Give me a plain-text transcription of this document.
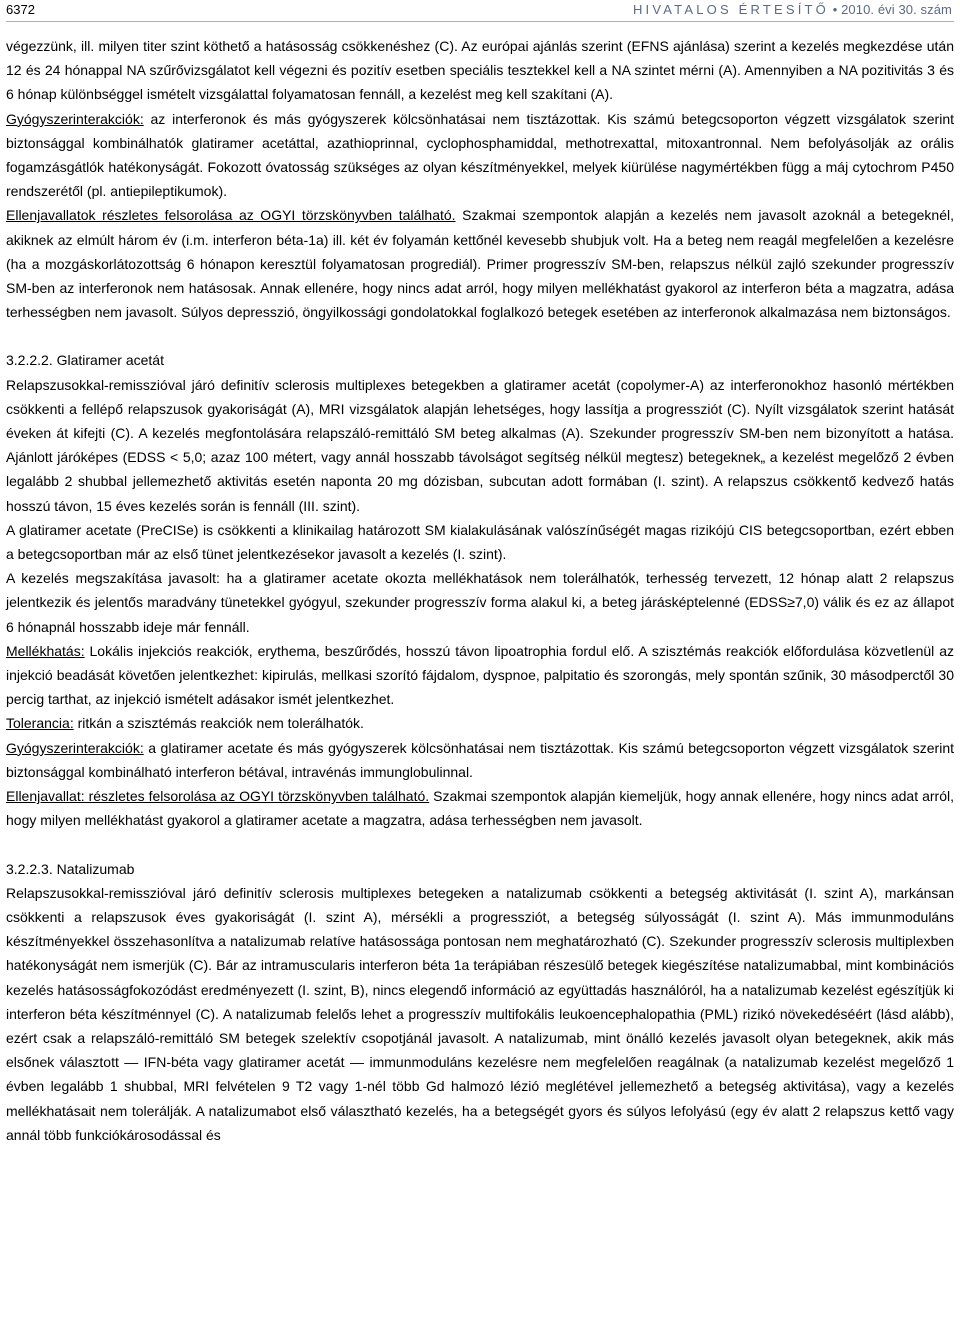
6372	HIVATALOS ÉRTESÍTŐ • 2010. évi 30. szám

végezzünk, ill. milyen titer szint köthető a hatásosság csökkenéshez (C). Az európai ajánlás szerint (EFNS ajánlása) szerint a kezelés megkezdése után 12 és 24 hónappal NA szűrővizsgálatot kell végezni és pozitív esetben speciális tesztekkel kell a NA szintet mérni (A). Amennyiben a NA pozitivitás 3 és 6 hónap különbséggel ismételt vizsgálattal folyamatosan fennáll, a kezelést meg kell szakítani (A).

Gyógyszerinterakciók: az interferonok és más gyógyszerek kölcsönhatásai nem tisztázottak. Kis számú betegcsoporton végzett vizsgálatok szerint biztonsággal kombinálhatók glatiramer acetáttal, azathioprinnal, cyclophosphamiddal, methotrexattal, mitoxantronnal. Nem befolyásolják az orális fogamzásgátlók hatékonyságát. Fokozott óvatosság szükséges az olyan készítményekkel, melyek kiürülése nagymértékben függ a máj cytochrom P450 rendszerétől (pl. antiepileptikumok).

Ellenjavallatok részletes felsorolása az OGYI törzskönyvben található. Szakmai szempontok alapján a kezelés nem javasolt azoknál a betegeknél, akiknek az elmúlt három év (i.m. interferon béta-1a) ill. két év folyamán kettőnél kevesebb shubjuk volt. Ha a beteg nem reagál megfelelően a kezelésre (ha a mozgáskorlátozottság 6 hónapon keresztül folyamatosan progrediál). Primer progresszív SM-ben, relapszus nélkül zajló szekunder progresszív SM-ben az interferonok nem hatásosak. Annak ellenére, hogy nincs adat arról, hogy milyen mellékhatást gyakorol az interferon béta a magzatra, adása terhességben nem javasolt. Súlyos depresszió, öngyilkossági gondolatokkal foglalkozó betegek esetében az interferonok alkalmazása nem biztonságos.

3.2.2.2. Glatiramer acetát

Relapszusokkal-remisszióval járó definitív sclerosis multiplexes betegekben a glatiramer acetát (copolymer-A) az interferonokhoz hasonló mértékben csökkenti a fellépő relapszusok gyakoriságát (A), MRI vizsgálatok alapján lehetséges, hogy lassítja a progressziót (C). Nyílt vizsgálatok szerint hatását éveken át kifejti (C). A kezelés megfontolására relapszáló-remittáló SM beteg alkalmas (A). Szekunder progresszív SM-ben nem bizonyított a hatása. Ajánlott járóképes (EDSS < 5,0; azaz 100 métert, vagy annál hosszabb távolságot segítség nélkül megtesz) betegeknek„ a kezelést megelőző 2 évben legalább 2 shubbal jellemezhető aktivitás esetén naponta 20 mg dózisban, subcutan adott formában (I. szint). A relapszus csökkentő kedvező hatás hosszú távon, 15 éves kezelés során is fennáll (III. szint).

A glatiramer acetate (PreCISe) is csökkenti a klinikailag határozott SM kialakulásának valószínűségét magas rizikójú CIS betegcsoportban, ezért ebben a betegcsoportban már az első tünet jelentkezésekor javasolt a kezelés (I. szint).

A kezelés megszakítása javasolt: ha a glatiramer acetate okozta mellékhatások nem tolerálhatók, terhesség tervezett, 12 hónap alatt 2 relapszus jelentkezik és jelentős maradvány tünetekkel gyógyul, szekunder progresszív forma alakul ki, a beteg járásképtelenné (EDSS≥7,0) válik és ez az állapot 6 hónapnál hosszabb ideje már fennáll.

Mellékhatás: Lokális injekciós reakciók, erythema, beszűrődés, hosszú távon lipoatrophia fordul elő. A szisztémás reakciók előfordulása közvetlenül az injekció beadását követően jelentkezhet: kipirulás, mellkasi szorító fájdalom, dyspnoe, palpitatio és szorongás, mely spontán szűnik, 30 másodperctől 30 percig tarthat, az injekció ismételt adásakor ismét jelentkezhet.

Tolerancia: ritkán a szisztémás reakciók nem tolerálhatók.

Gyógyszerinterakciók: a glatiramer acetate és más gyógyszerek kölcsönhatásai nem tisztázottak. Kis számú betegcsoporton végzett vizsgálatok szerint biztonsággal kombinálható interferon bétával, intravénás immunglobulinnal.

Ellenjavallat: részletes felsorolása az OGYI törzskönyvben található. Szakmai szempontok alapján kiemeljük, hogy annak ellenére, hogy nincs adat arról, hogy milyen mellékhatást gyakorol a glatiramer acetate a magzatra, adása terhességben nem javasolt.

3.2.2.3. Natalizumab

Relapszusokkal-remisszióval járó definitív sclerosis multiplexes betegeken a natalizumab csökkenti a betegség aktivitását (I. szint A), markánsan csökkenti a relapszusok éves gyakoriságát (I. szint A), mérsékli a progressziót, a betegség súlyosságát (I. szint A). Más immunmoduláns készítményekkel összehasonlítva a natalizumab relatíve hatásossága pontosan nem meghatározható (C). Szekunder progresszív sclerosis multiplexben hatékonyságát nem ismerjük (C). Bár az intramuscularis interferon béta 1a terápiában részesülő betegek kiegészítése natalizumabbal, mint kombinációs kezelés hatásosságfokozódást eredményezett (I. szint, B), nincs elegendő információ az együttadás használóról, ha a natalizumab kezelést egészítjük ki interferon béta készítménnyel (C). A natalizumab felelős lehet a progresszív multifokális leukoencephalopathia (PML) rizikó növekedéséért (lásd alább), ezért csak a relapszáló-remittáló SM betegek szelektív csopotjánál javasolt. A natalizumab, mint önálló kezelés javasolt olyan betegeknek, akik más elsőnek választott — IFN-béta vagy glatiramer acetát — immunmoduláns kezelésre nem megfelelően reagálnak (a natalizumab kezelést megelőző 1 évben legalább 1 shubbal, MRI felvételen 9 T2 vagy 1-nél több Gd halmozó lézió meglétével jellemezhető a betegség aktivitása), vagy a kezelés mellékhatásait nem tolerálják. A natalizumabot első választható kezelés, ha a betegségét gyors és súlyos lefolyású (egy év alatt 2 relapszus kettő vagy annál több funkciókárosodással és
